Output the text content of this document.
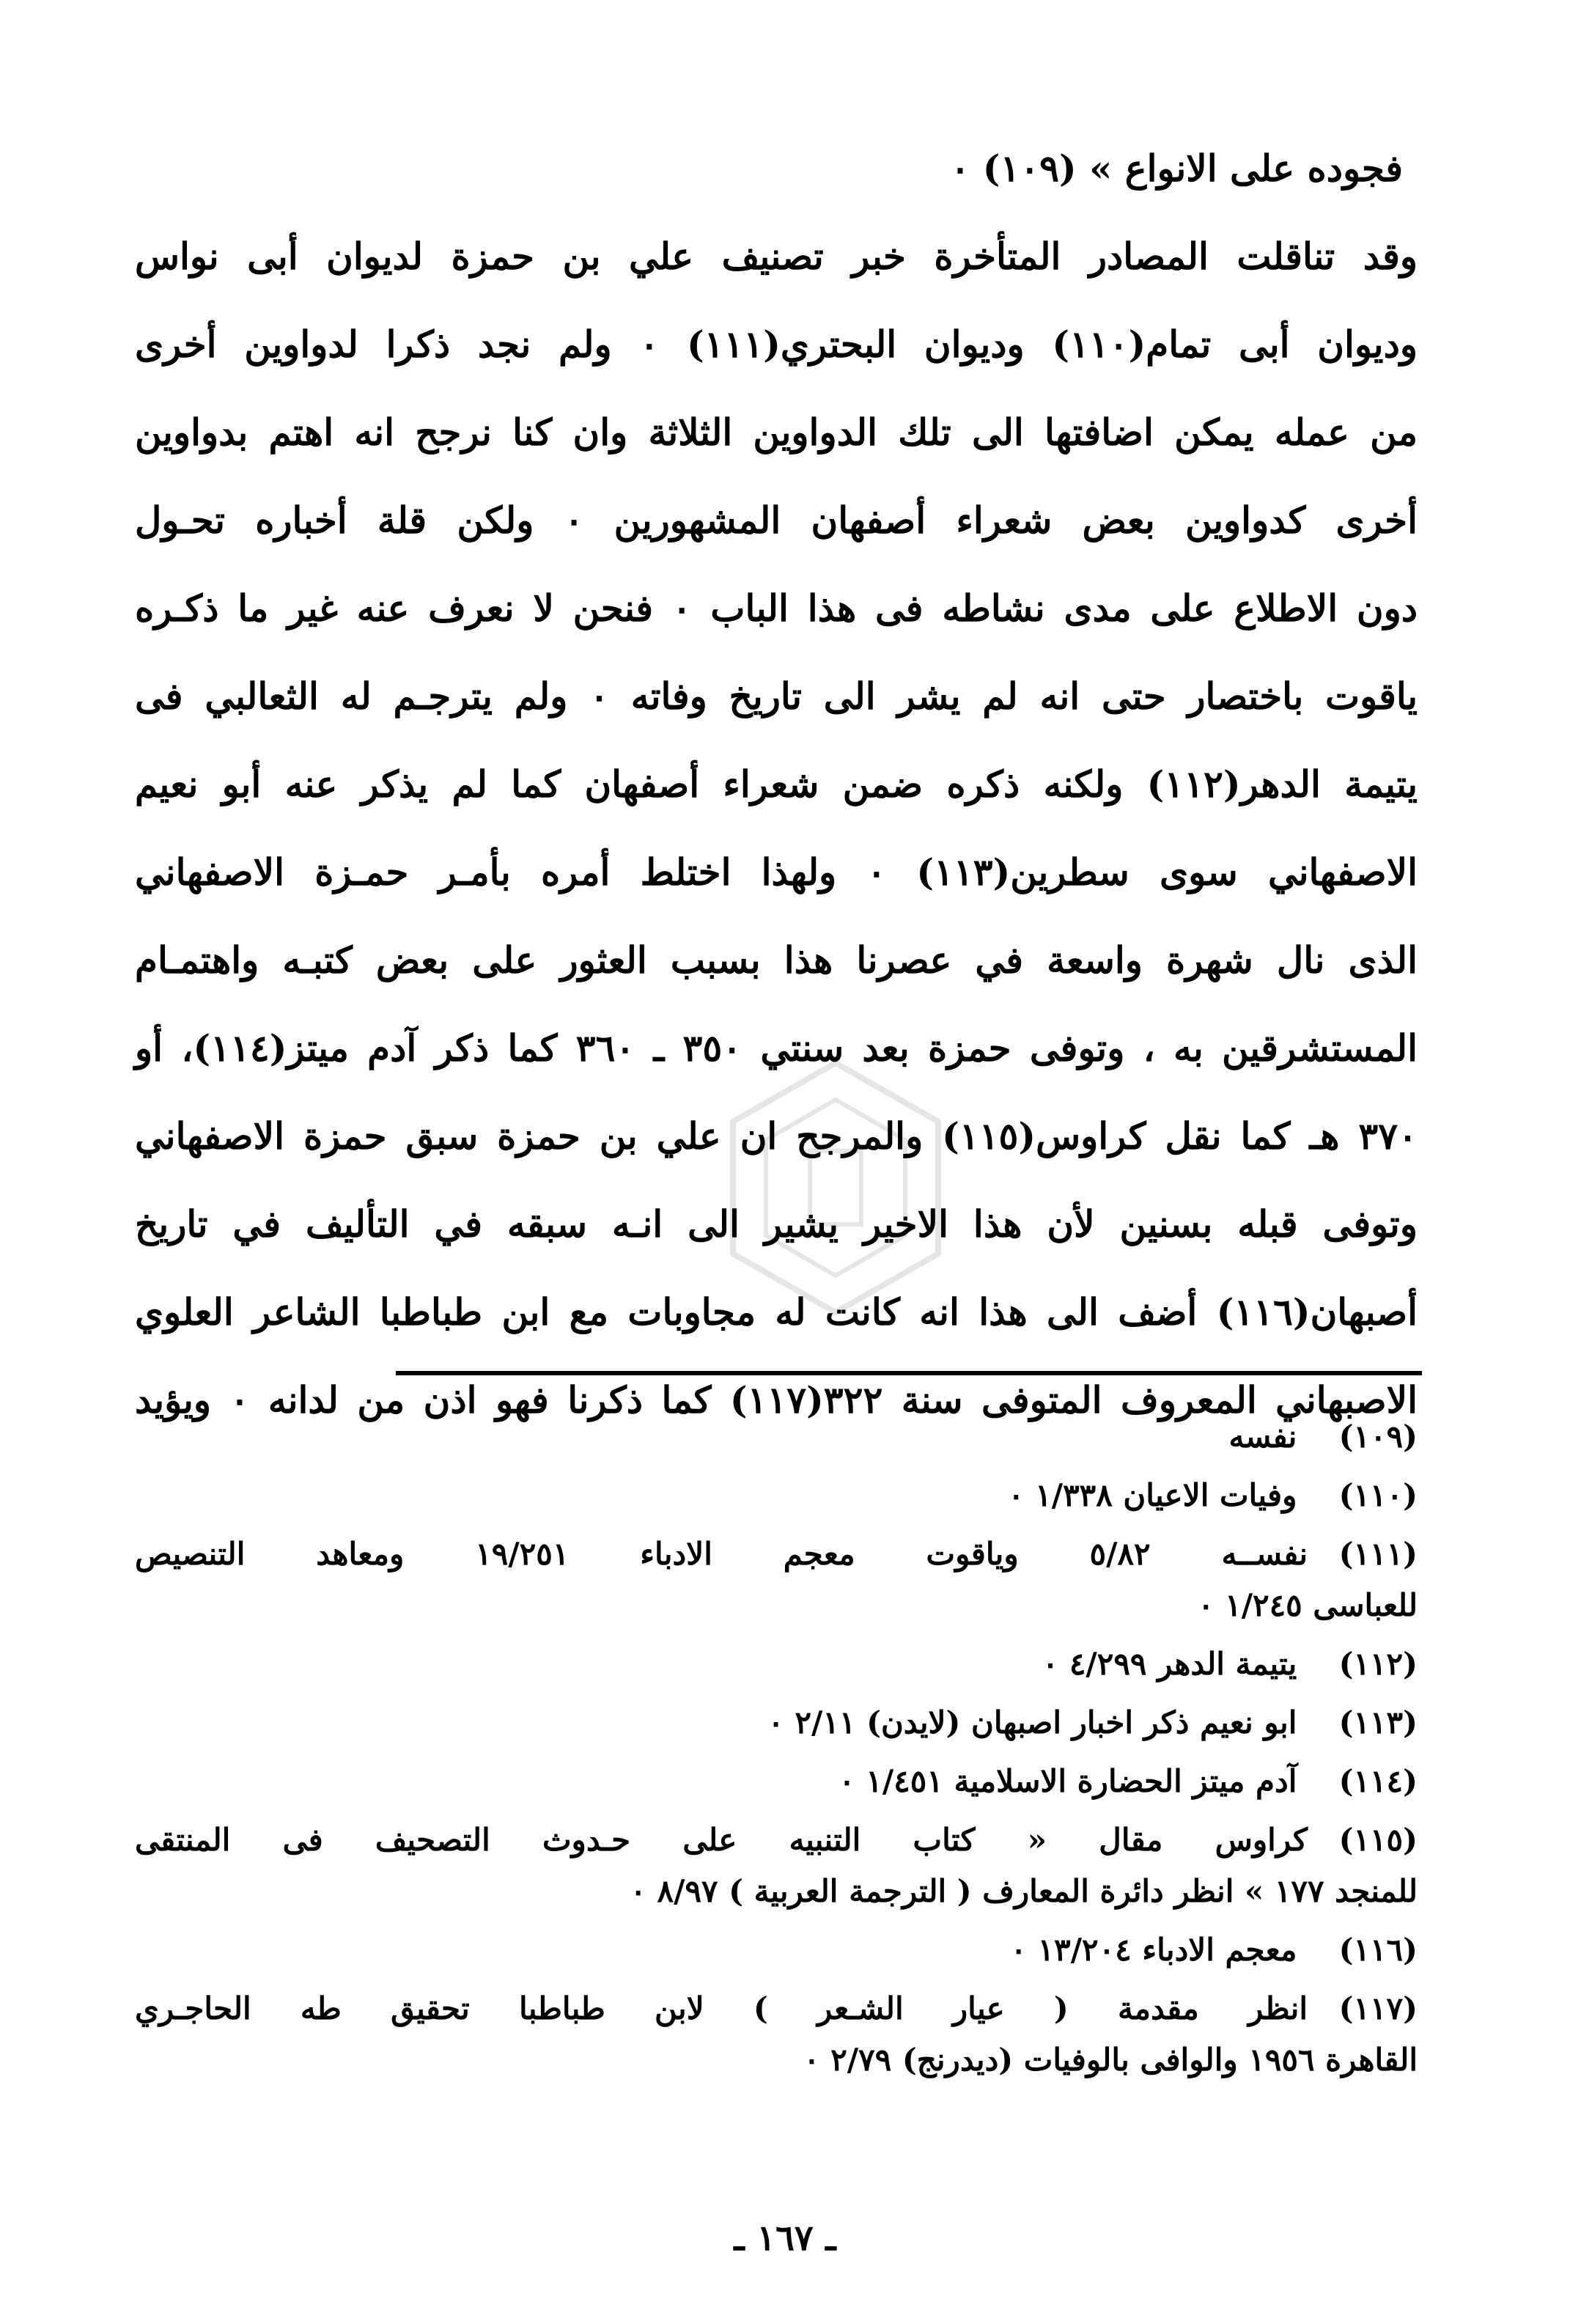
فجوده على الانواع » (١٠٩) ٠
وقد تناقلت المصادر المتأخرة خبر تصنيف علي بن حمزة لديوان أبى نواس
وديوان أبى تمام(١١٠) وديوان البحتري(١١١) ٠ ولم نجد ذكرا لدواوين أخرى
من عمله يمكن اضافتها الى تلك الدواوين الثلاثة وان كنا نرجح انه اهتم بدواوين
أخرى كدواوين بعض شعراء أصفهان المشهورين ٠ ولكن قلة أخباره تحـول
دون الاطلاع على مدى نشاطه فى هذا الباب ٠ فنحن لا نعرف عنه غير ما ذكـره
ياقوت باختصار حتى انه لم يشر الى تاريخ وفاته ٠ ولم يترجـم له الثعالبي فى
يتيمة الدهر(١١٢) ولكنه ذكره ضمن شعراء أصفهان كما لم يذكر عنه أبو نعيم
الاصفهاني سوى سطرين(١١٣) ٠ ولهذا اختلط أمره بأمـر حمـزة الاصفهاني
الذى نال شهرة واسعة في عصرنا هذا بسبب العثور على بعض كتبـه واهتمـام
المستشرقين به ، وتوفى حمزة بعد سنتي ٣٥٠ ـ ٣٦٠ كما ذكر آدم ميتز(١١٤)، أو
٣٧٠ هـ كما نقل كراوس(١١٥) والمرجح ان علي بن حمزة سبق حمزة الاصفهاني
وتوفى قبله بسنين لأن هذا الاخير يشير الى انـه سبقه في التأليف في تاريخ
أصبهان(١١٦) أضف الى هذا انه كانت له مجاوبات مع ابن طباطبا الشاعر العلوي
الاصبهاني المعروف المتوفى سنة ٣٢٢(١١٧) كما ذكرنا فهو اذن من لدانه ٠ ويؤيد
(١٠٩) نفسه
(١١٠) وفيات الاعيان ١/٣٣٨ ٠
(١١١)نفســه ٥/٨٢ وياقوت معجم الادباء ١٩/٢٥١ ومعاهد التنصيص
للعباسى ١/٢٤٥ ٠
(١١٢) يتيمة الدهر ٤/٢٩٩ ٠
(١١٣) ابو نعيم ذكر اخبار اصبهان (لايدن) ٢/١١ ٠
(١١٤) آدم ميتز الحضارة الاسلامية ١/٤٥١ ٠
(١١٥)كراوس مقال « كتاب التنبيه على حـدوث التصحيف فى المنتقى
للمنجد ١٧٧ » انظر دائرة المعارف ( الترجمة العربية ) ٨/٩٧ ٠
(١١٦) معجم الادباء ١٣/٢٠٤ ٠
(١١٧)انظر مقدمة ( عيار الشـعر ) لابن طباطبا تحقيق طه الحاجـري
القاهرة ١٩٥٦ والوافى بالوفيات (ديدرنج) ٢/٧٩ ٠
ـ ١٦٧ ـ
